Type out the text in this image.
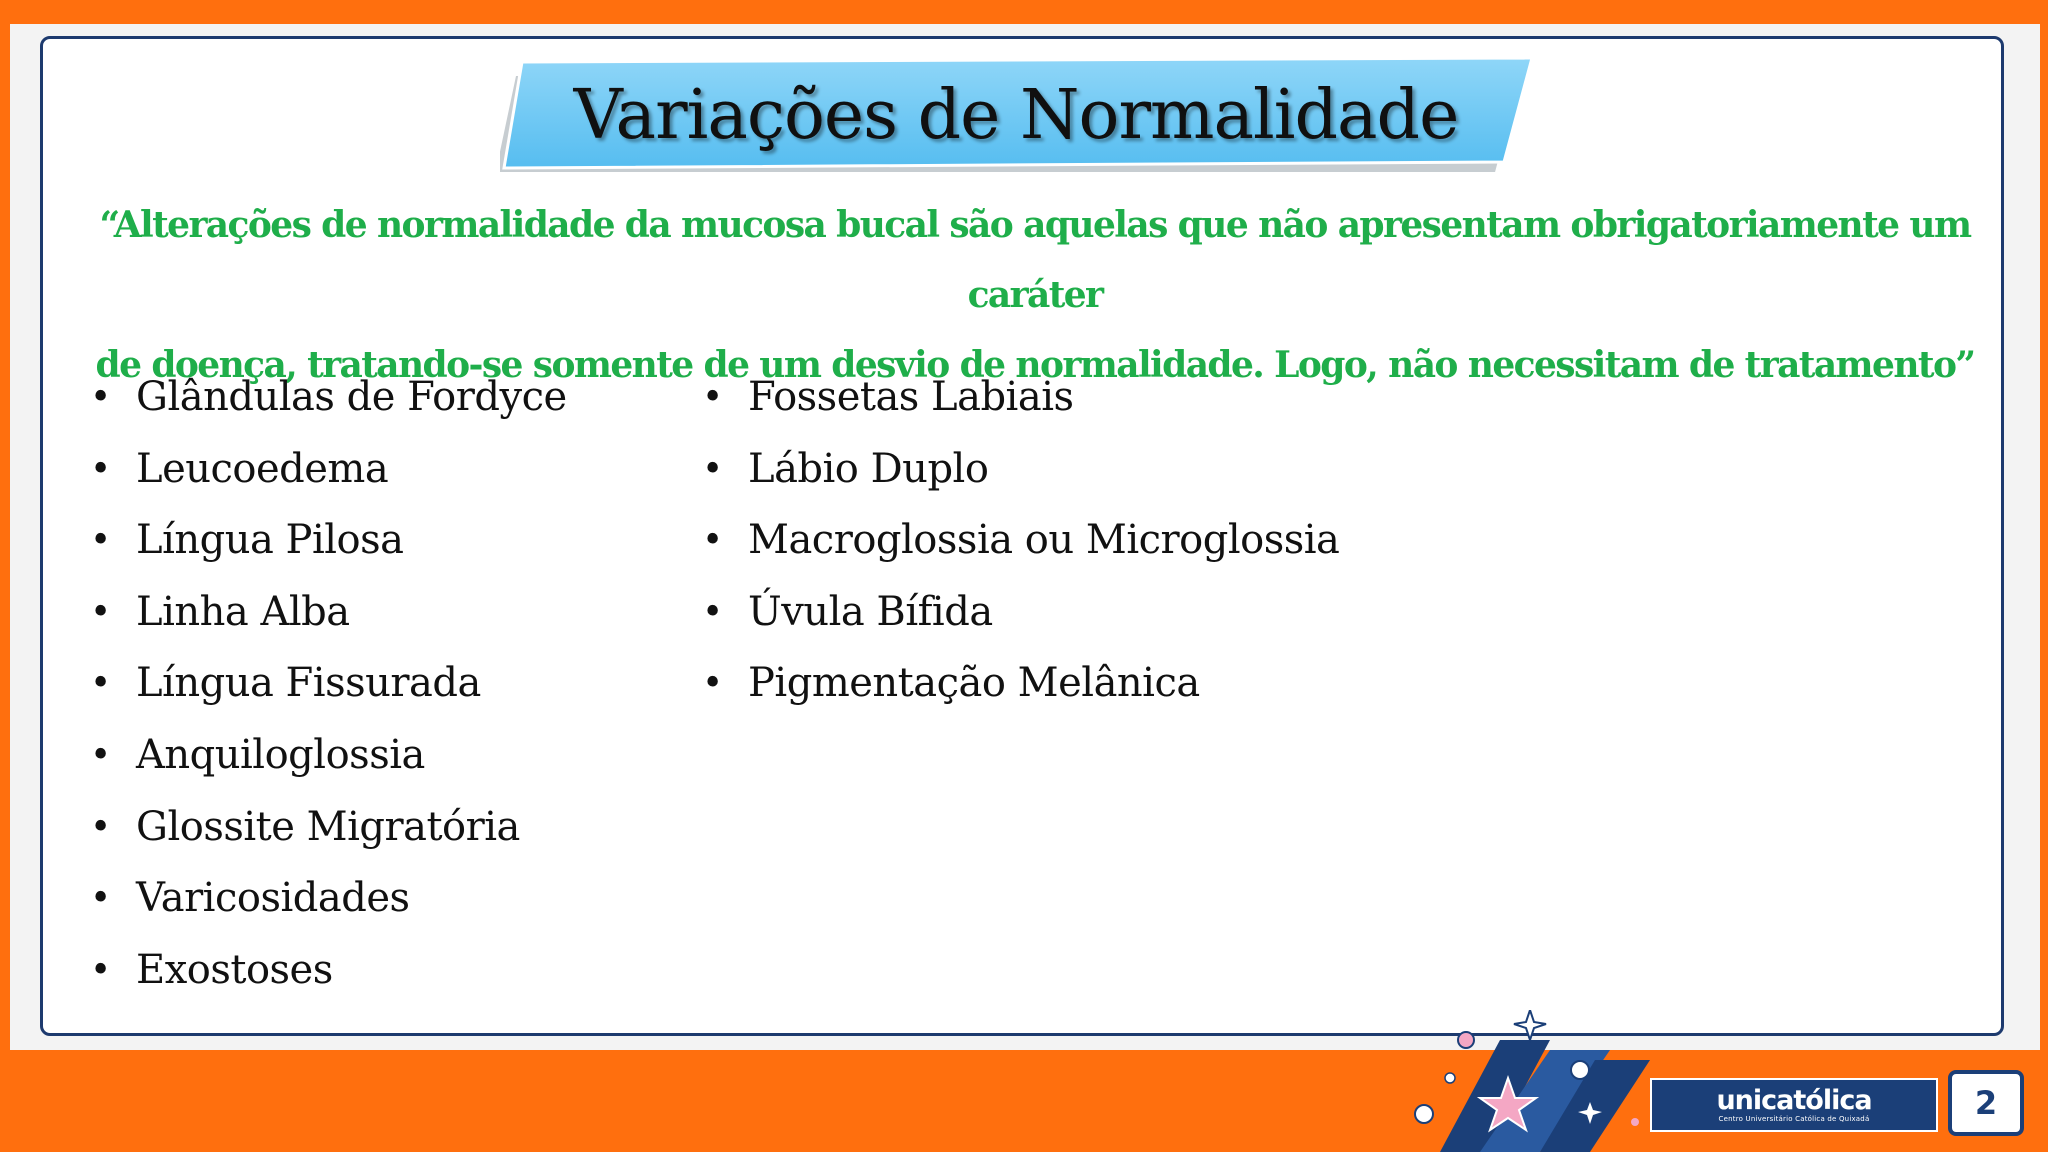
Variações de Normalidade
“Alterações de normalidade da mucosa bucal são aquelas que não apresentam obrigatoriamente um caráter
de doença, tratando-se somente de um desvio de normalidade. Logo, não necessitam de tratamento”
• Glândulas de Fordyce
• Leucoedema
• Língua Pilosa
• Linha Alba
• Língua Fissurada
• Anquiloglossia
• Glossite Migratória
• Varicosidades
• Exostoses
• Fossetas Labiais
• Lábio Duplo
• Macroglossia ou Microglossia
• Úvula Bífida
• Pigmentação Melânica
unicatólica
Centro Universitário Católica de Quixadá	2
